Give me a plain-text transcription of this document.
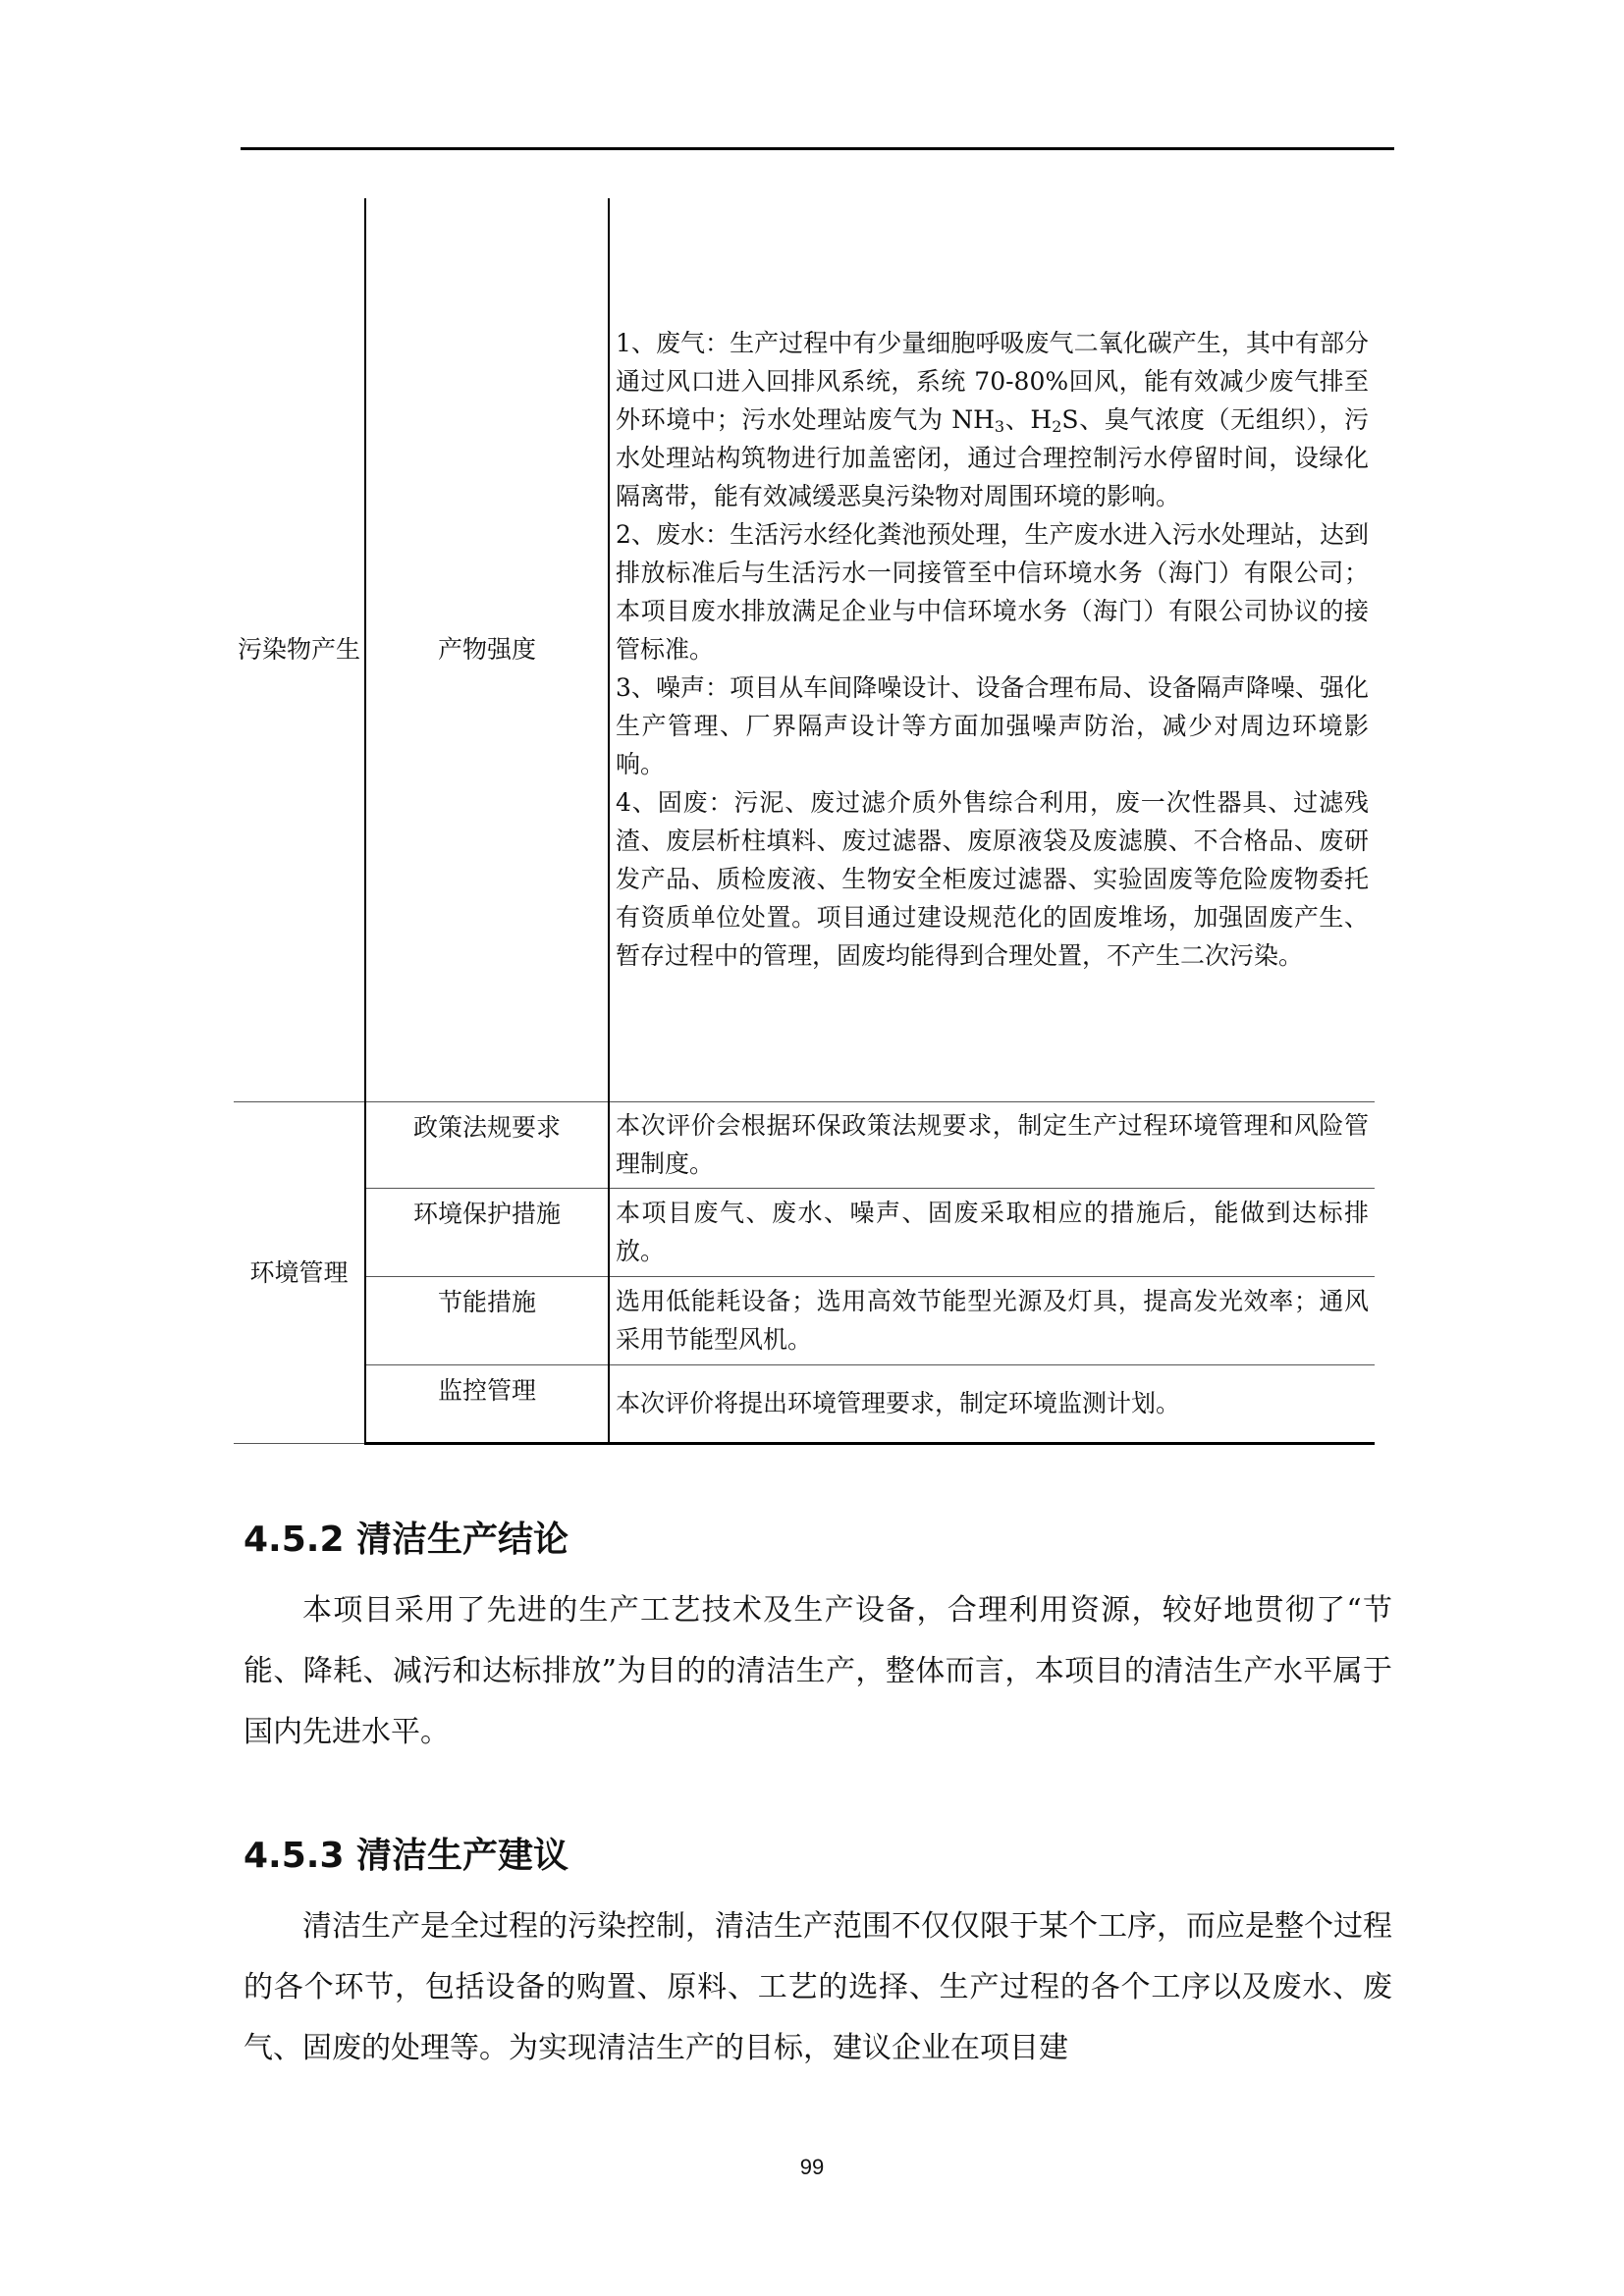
污染物产生	产物强度	1、废气：生产过程中有少量细胞呼吸废气二氧化碳产生，其中有部分通过风口进入回排风系统，系统 70-80%回风，能有效减少废气排至外环境中；污水处理站废气为 $NH_3$、$H_2S$、臭气浓度（无组织），污水处理站构筑物进行加盖密闭，通过合理控制污水停留时间，设绿化隔离带，能有效减缓恶臭污染物对周围环境的影响。
2、废水：生活污水经化粪池预处理，生产废水进入污水处理站，达到排放标准后与生活污水一同接管至中信环境水务（海门）有限公司；本项目废水排放满足企业与中信环境水务（海门）有限公司协议的接管标准。
3、噪声：项目从车间降噪设计、设备合理布局、设备隔声降噪、强化生产管理、厂界隔声设计等方面加强噪声防治，减少对周边环境影响。
4、固废：污泥、废过滤介质外售综合利用，废一次性器具、过滤残渣、废层析柱填料、废过滤器、废原液袋及废滤膜、不合格品、废研发产品、质检废液、生物安全柜废过滤器、实验固废等危险废物委托有资质单位处置。项目通过建设规范化的固废堆场，加强固废产生、暂存过程中的管理，固废均能得到合理处置，不产生二次污染。

环境管理	政策法规要求	本次评价会根据环保政策法规要求，制定生产过程环境管理和风险管理制度。
	环境保护措施	本项目废气、废水、噪声、固废采取相应的措施后，能做到达标排放。
	节能措施	选用低能耗设备；选用高效节能型光源及灯具，提高发光效率；通风采用节能型风机。
	监控管理	本次评价将提出环境管理要求，制定环境监测计划。
4.5.2 清洁生产结论

本项目采用了先进的生产工艺技术及生产设备，合理利用资源，较好地贯彻了“节能、降耗、减污和达标排放”为目的的清洁生产，整体而言，本项目的清洁生产水平属于国内先进水平。

4.5.3 清洁生产建议

清洁生产是全过程的污染控制，清洁生产范围不仅仅限于某个工序，而应是整个过程的各个环节，包括设备的购置、原料、工艺的选择、生产过程的各个工序以及废水、废气、固废的处理等。为实现清洁生产的目标，建议企业在项目建

99
